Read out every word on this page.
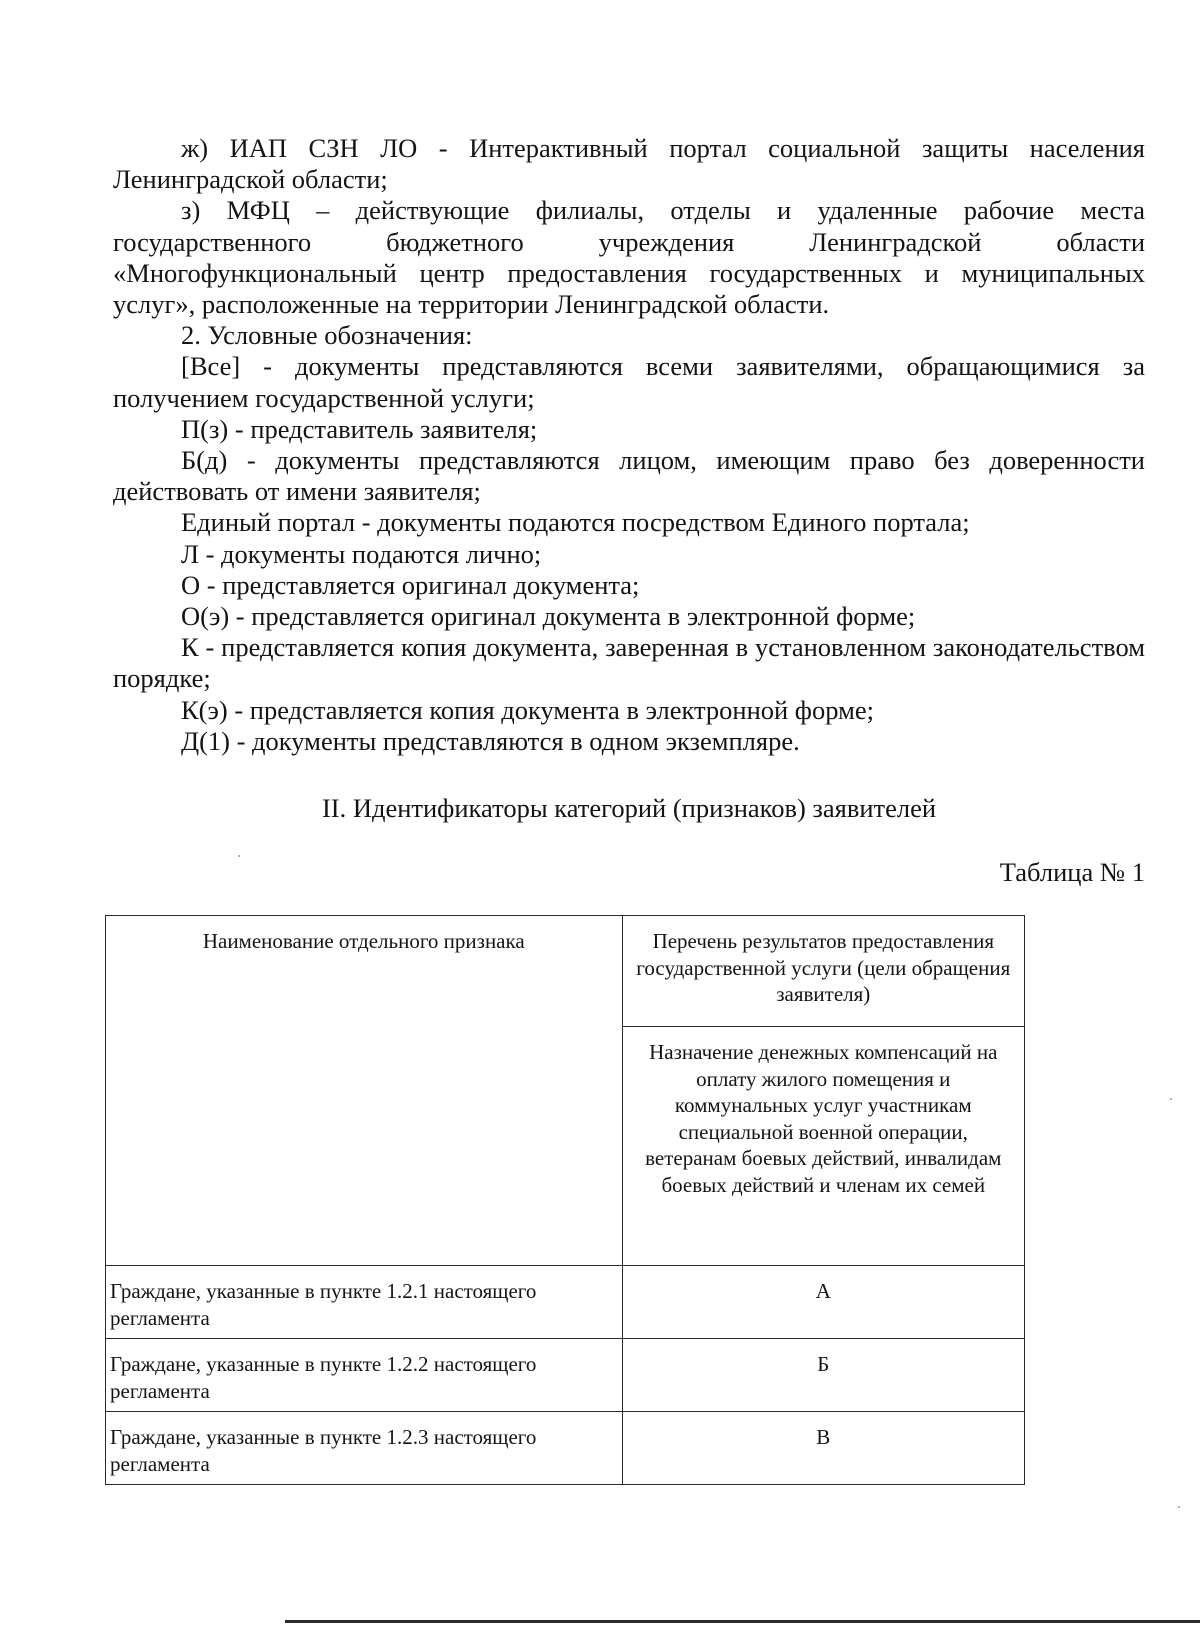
ж) ИАП СЗН ЛО - Интерактивный портал социальной защиты населения Ленинградской области;

з) МФЦ – действующие филиалы, отделы и удаленные рабочие места государственного бюджетного учреждения Ленинградской области «Многофункциональный центр предоставления государственных и муниципальных услуг», расположенные на территории Ленинградской области.

2. Условные обозначения:

[Все] - документы представляются всеми заявителями, обращающимися за получением государственной услуги;

П(з) - представитель заявителя;

Б(д) - документы представляются лицом, имеющим право без доверенности действовать от имени заявителя;

Единый портал - документы подаются посредством Единого портала;

Л - документы подаются лично;

О - представляется оригинал документа;

О(э) - представляется оригинал документа в электронной форме;

К - представляется копия документа, заверенная в установленном законодательством порядке;

К(э) - представляется копия документа в электронной форме;

Д(1) - документы представляются в одном экземпляре.

II. Идентификаторы категорий (признаков) заявителей
Таблица № 1
Наименование отдельного признака	Перечень результатов предоставления государственной услуги (цели обращения заявителя)
	Назначение денежных компенсаций на оплату жилого помещения и коммунальных услуг участникам специальной военной операции, ветеранам боевых действий, инвалидам боевых действий и членам их семей
Граждане, указанные в пункте 1.2.1 настоящего регламента	А
Граждане, указанные в пункте 1.2.2 настоящего регламента	Б
Граждане, указанные в пункте 1.2.3 настоящего регламента	В
